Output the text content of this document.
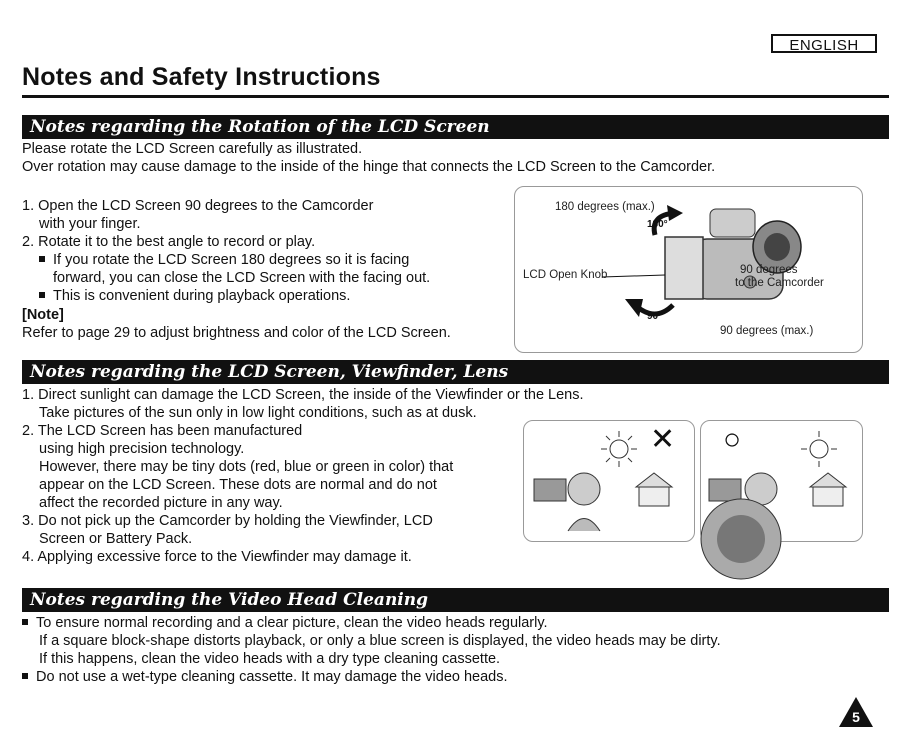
ENGLISH
Notes and Safety Instructions
Notes regarding the Rotation of the LCD Screen
Please rotate the LCD Screen carefully as illustrated.
Over rotation may cause damage to the inside of the hinge that connects the LCD Screen to the Camcorder.
1. Open the LCD Screen 90 degrees to the Camcorder
with your finger.
2. Rotate it to the best angle to record or play.
If you rotate the LCD Screen 180 degrees so it is facing
forward, you can close the LCD Screen with the facing out.
This is convenient during playback operations.
[Note]
Refer to page 29 to adjust brightness and color of the LCD Screen.
180 degrees (max.)
180°
LCD Open Knob	90 degrees
to the Camcorder
90°
90 degrees (max.)
Notes regarding the LCD Screen, Viewfinder, Lens
1. Direct sunlight can damage the LCD Screen, the inside of the Viewfinder or the Lens.
Take pictures of the sun only in low light conditions, such as at dusk.
2. The LCD Screen has been manufactured
using high precision technology.
However, there may be tiny dots (red, blue or green in color) that
appear on the LCD Screen. These dots are normal and do not
affect the recorded picture in any way.
3. Do not pick up the Camcorder by holding the Viewfinder, LCD
Screen or Battery Pack.
4. Applying excessive force to the Viewfinder may damage it.
✕ ○
Notes regarding the Video Head Cleaning
To ensure normal recording and a clear picture, clean the video heads regularly.
If a square block-shape distorts playback, or only a blue screen is displayed, the video heads may be dirty.
If this happens, clean the video heads with a dry type cleaning cassette.
Do not use a wet-type cleaning cassette. It may damage the video heads.
5
